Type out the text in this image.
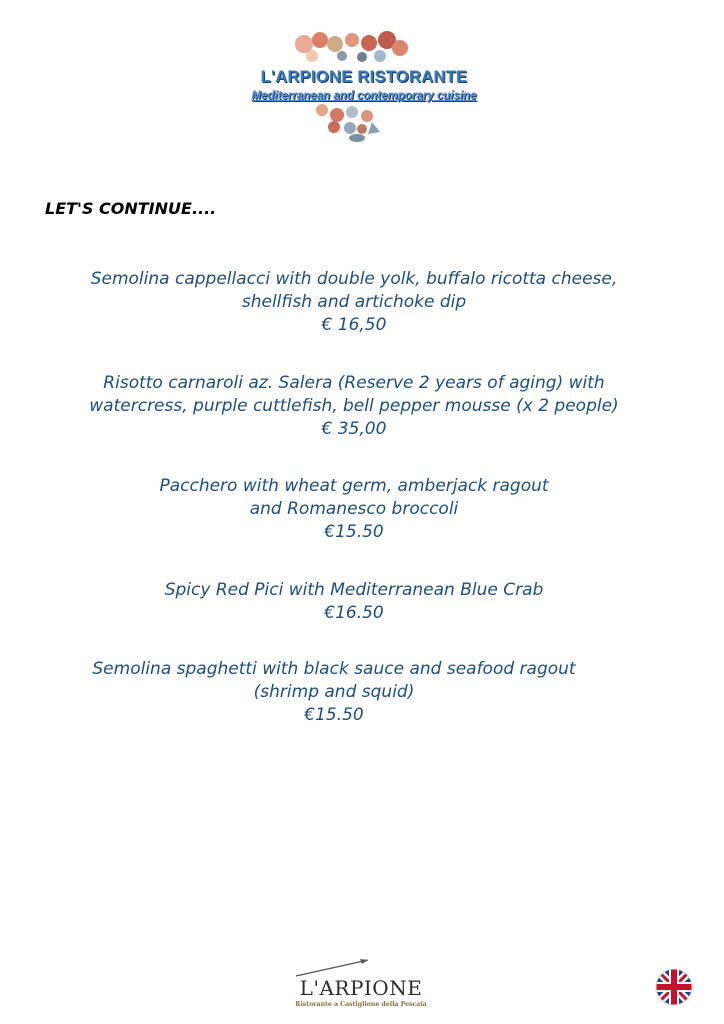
L'ARPIONE RISTORANTE
Mediterranean and contemporary cuisine
LET'S CONTINUE....
Semolina cappellacci with double yolk, buffalo ricotta cheese,
shellfish and artichoke dip
€ 16,50
Risotto carnaroli az. Salera (Reserve 2 years of aging) with
watercress, purple cuttlefish, bell pepper mousse (x 2 people)
€ 35,00
Pacchero with wheat germ, amberjack ragout
and Romanesco broccoli
€15.50
Spicy Red Pici with Mediterranean Blue Crab
€16.50
Semolina spaghetti with black sauce and seafood ragout
(shrimp and squid)
€15.50
L'ARPIONE
Ristorante a Castiglione della Pescaia
